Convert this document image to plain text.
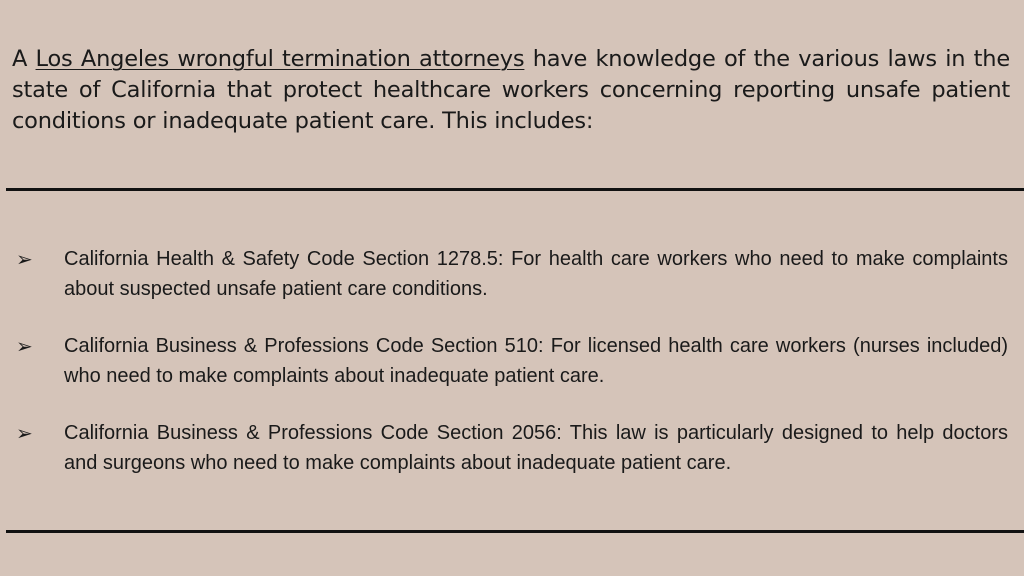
A Los Angeles wrongful termination attorneys have knowledge of the various laws in the state of California that protect healthcare workers concerning reporting unsafe patient conditions or inadequate patient care. This includes:
➢ California Health & Safety Code Section 1278.5: For health care workers who need to make complaints about suspected unsafe patient care conditions.
➢ California Business & Professions Code Section 510: For licensed health care workers (nurses included) who need to make complaints about inadequate patient care.
➢ California Business & Professions Code Section 2056: This law is particularly designed to help doctors and surgeons who need to make complaints about inadequate patient care.
